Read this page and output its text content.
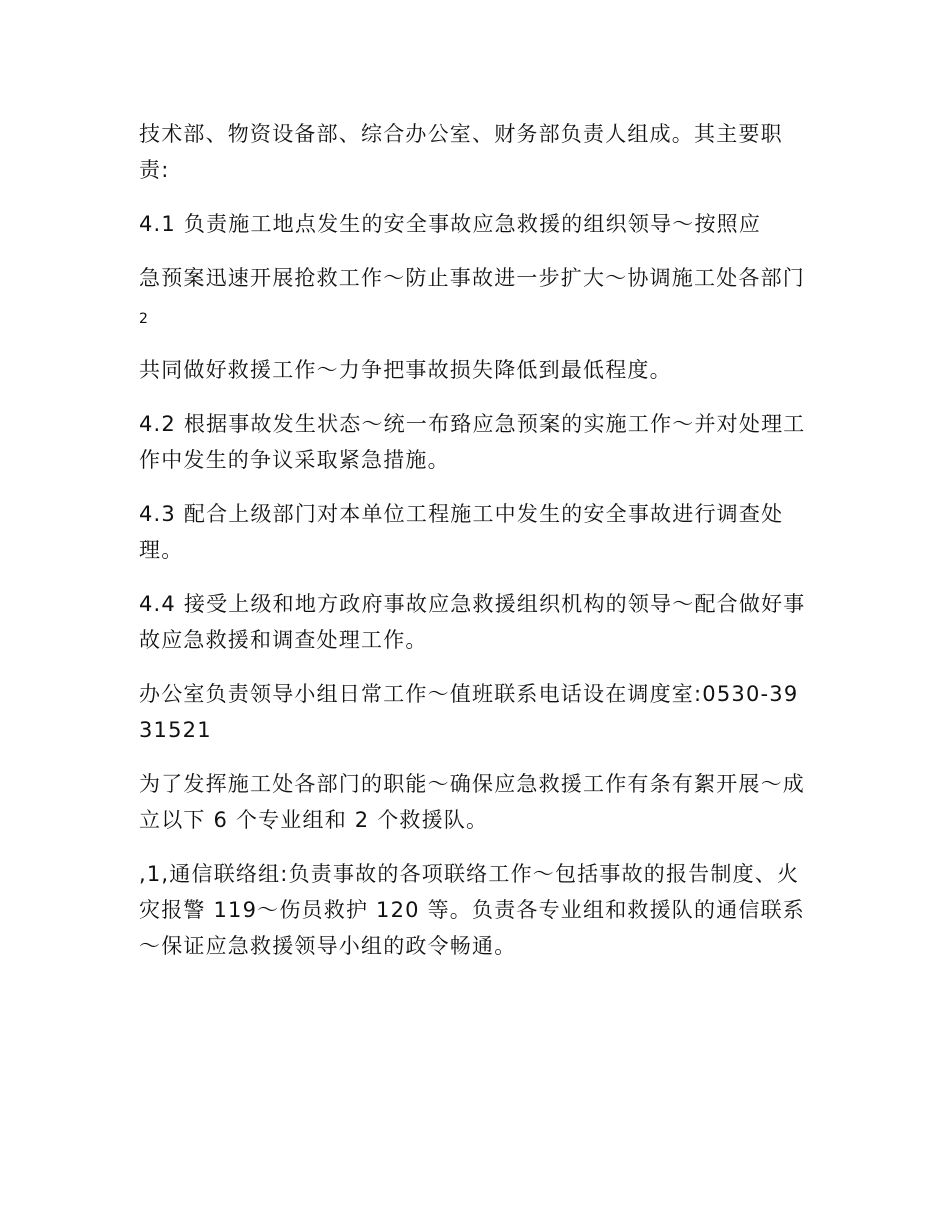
技术部、物资设备部、综合办公室、财务部负责人组成。其主要职责:

4.1 负责施工地点发生的安全事故应急救援的组织领导～按照应

急预案迅速开展抢救工作～防止事故进一步扩大～协调施工处各部门

2

共同做好救援工作～力争把事故损失降低到最低程度。

4.2 根据事故发生状态～统一布臵应急预案的实施工作～并对处理工作中发生的争议采取紧急措施。

4.3 配合上级部门对本单位工程施工中发生的安全事故进行调查处理。

4.4 接受上级和地方政府事故应急救援组织机构的领导～配合做好事故应急救援和调查处理工作。

办公室负责领导小组日常工作～值班联系电话设在调度室:0530-3931521

为了发挥施工处各部门的职能～确保应急救援工作有条有絮开展～成立以下 6 个专业组和 2 个救援队。

,1,通信联络组:负责事故的各项联络工作～包括事故的报告制度、火灾报警 119～伤员救护 120 等。负责各专业组和救援队的通信联系～保证应急救援领导小组的政令畅通。
